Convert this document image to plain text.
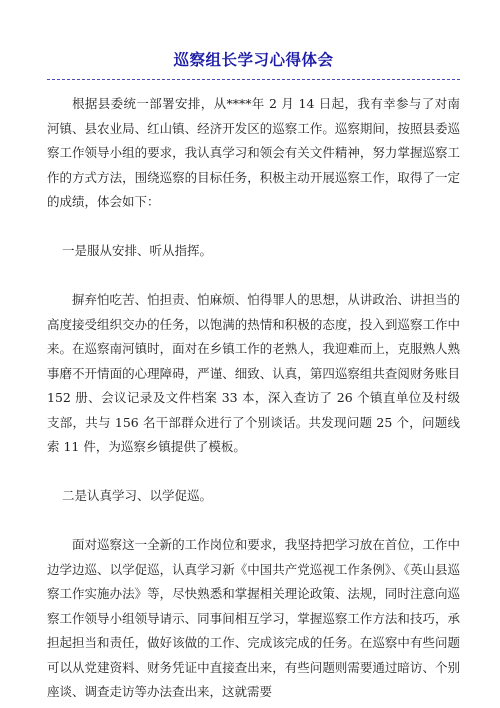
巡察组长学习心得体会

根据县委统一部署安排，从****年 2 月 14 日起，我有幸参与了对南河镇、县农业局、红山镇、经济开发区的巡察工作。巡察期间，按照县委巡察工作领导小组的要求，我认真学习和领会有关文件精神，努力掌握巡察工作的方式方法，围绕巡察的目标任务，积极主动开展巡察工作，取得了一定的成绩，体会如下：

一是服从安排、听从指挥。

摒弃怕吃苦、怕担责、怕麻烦、怕得罪人的思想，从讲政治、讲担当的高度接受组织交办的任务，以饱满的热情和积极的态度，投入到巡察工作中来。在巡察南河镇时，面对在乡镇工作的老熟人，我迎难而上，克服熟人熟事磨不开情面的心理障碍，严谨、细致、认真，第四巡察组共查阅财务账目 152 册、会议记录及文件档案 33 本，深入查访了 26 个镇直单位及村级支部，共与 156 名干部群众进行了个别谈话。共发现问题 25 个，问题线索 11 件，为巡察乡镇提供了模板。

二是认真学习、以学促巡。

面对巡察这一全新的工作岗位和要求，我坚持把学习放在首位，工作中边学边巡、以学促巡，认真学习新《中国共产党巡视工作条例》、《英山县巡察工作实施办法》等，尽快熟悉和掌握相关理论政策、法规，同时注意向巡察工作领导小组领导请示、同事间相互学习，掌握巡察工作方法和技巧，承担起担当和责任，做好该做的工作、完成该完成的任务。在巡察中有些问题可以从党建资料、财务凭证中直接查出来，有些问题则需要通过暗访、个别座谈、调查走访等办法查出来，这就需要
